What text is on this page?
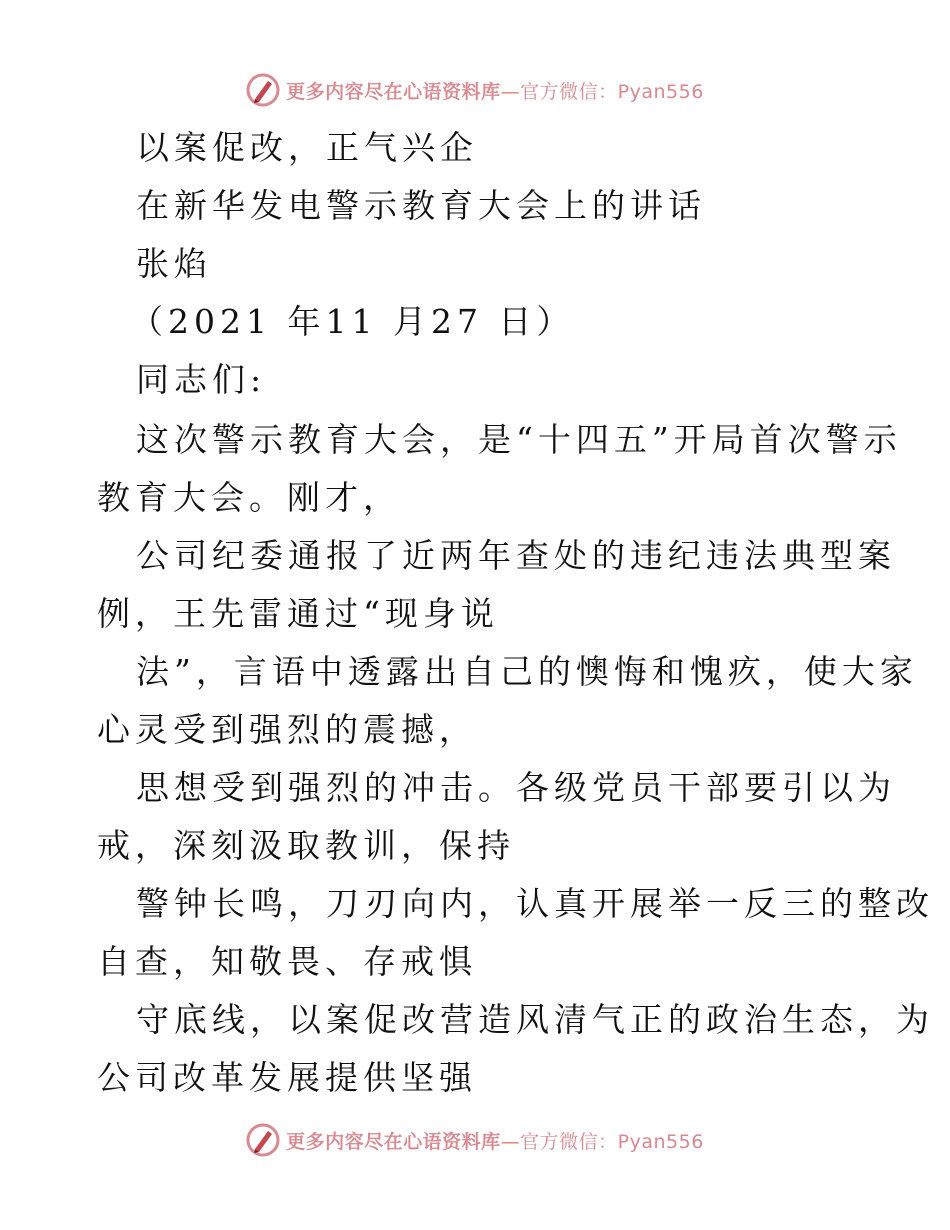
更多内容尽在心语资料库—官方微信：Pyan556
以案促改，正气兴企
在新华发电警示教育大会上的讲话
张焰
（2021 年11 月27 日）
同志们:
这次警示教育大会，是“十四五”开局首次警示
教育大会。刚才，
公司纪委通报了近两年查处的违纪违法典型案
例，王先雷通过“现身说
法”，言语中透露出自己的懊悔和愧疚，使大家
心灵受到强烈的震撼，
思想受到强烈的冲击。各级党员干部要引以为
戒，深刻汲取教训，保持
警钟长鸣，刀刃向内，认真开展举一反三的整改
自查，知敬畏、存戒惧
守底线，以案促改营造风清气正的政治生态，为
公司改革发展提供坚强
更多内容尽在心语资料库—官方微信：Pyan556
